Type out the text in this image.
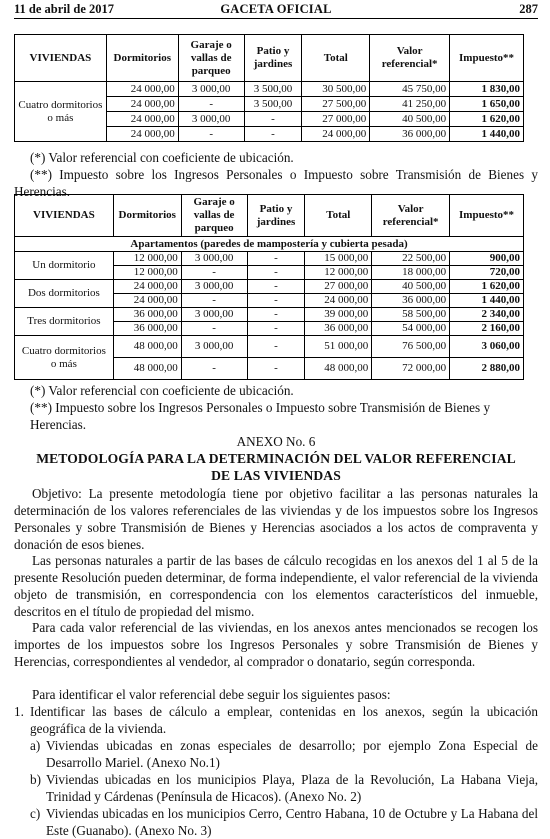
11 de abril de 2017	GACETA OFICIAL	287
VIVIENDAS	Dormitorios	Garaje o vallas de parqueo	Patio y jardines	Total	Valor referencial*	Impuesto**
Cuatro dormitorios o más	24 000,00	3 000,00	3 500,00	30 500,00	45 750,00	1 830,00
	24 000,00	-	3 500,00	27 500,00	41 250,00	1 650,00
	24 000,00	3 000,00	-	27 000,00	40 500,00	1 620,00
	24 000,00	-	-	24 000,00	36 000,00	1 440,00
(*) Valor referencial con coeficiente de ubicación.
(**) Impuesto sobre los Ingresos Personales o Impuesto sobre Transmisión de Bienes y Herencias.
VIVIENDAS	Dormitorios	Garaje o vallas de parqueo	Patio y jardines	Total	Valor referencial*	Impuesto**
Apartamentos (paredes de mampostería y cubierta pesada)						
Un dormitorio	12 000,00	3 000,00	-	15 000,00	22 500,00	900,00
	12 000,00	-	-	12 000,00	18 000,00	720,00
Dos dormitorios	24 000,00	3 000,00	-	27 000,00	40 500,00	1 620,00
	24 000,00	-	-	24 000,00	36 000,00	1 440,00
Tres dormitorios	36 000,00	3 000,00	-	39 000,00	58 500,00	2 340,00
	36 000,00	-	-	36 000,00	54 000,00	2 160,00
Cuatro dormitorios o más	48 000,00	3 000,00	-	51 000,00	76 500,00	3 060,00
	48 000,00	-	-	48 000,00	72 000,00	2 880,00
(*) Valor referencial con coeficiente de ubicación.
(**) Impuesto sobre los Ingresos Personales o Impuesto sobre Transmisión de Bienes y Herencias.
ANEXO No. 6
METODOLOGÍA PARA LA DETERMINACIÓN DEL VALOR REFERENCIAL
DE LAS VIVIENDAS
Objetivo: La presente metodología tiene por objetivo facilitar a las personas naturales la determinación de los valores referenciales de las viviendas y de los impuestos sobre los Ingresos Personales y sobre Transmisión de Bienes y Herencias asociados a los actos de compraventa y donación de esos bienes.
Las personas naturales a partir de las bases de cálculo recogidas en los anexos del 1 al 5 de la presente Resolución pueden determinar, de forma independiente, el valor referencial de la vivienda objeto de transmisión, en correspondencia con los elementos característicos del inmueble, descritos en el título de propiedad del mismo.
Para cada valor referencial de las viviendas, en los anexos antes mencionados se recogen los importes de los impuestos sobre los Ingresos Personales y sobre Transmisión de Bienes y Herencias, correspondientes al vendedor, al comprador o donatario, según corresponda.
Para identificar el valor referencial debe seguir los siguientes pasos:
1. Identificar las bases de cálculo a emplear, contenidas en los anexos, según la ubicación geográfica de la vivienda.
a) Viviendas ubicadas en zonas especiales de desarrollo; por ejemplo Zona Especial de Desarrollo Mariel. (Anexo No.1)
b) Viviendas ubicadas en los municipios Playa, Plaza de la Revolución, La Habana Vieja, Trinidad y Cárdenas (Península de Hicacos). (Anexo No. 2)
c) Viviendas ubicadas en los municipios Cerro, Centro Habana, 10 de Octubre y La Habana del Este (Guanabo). (Anexo No. 3)
